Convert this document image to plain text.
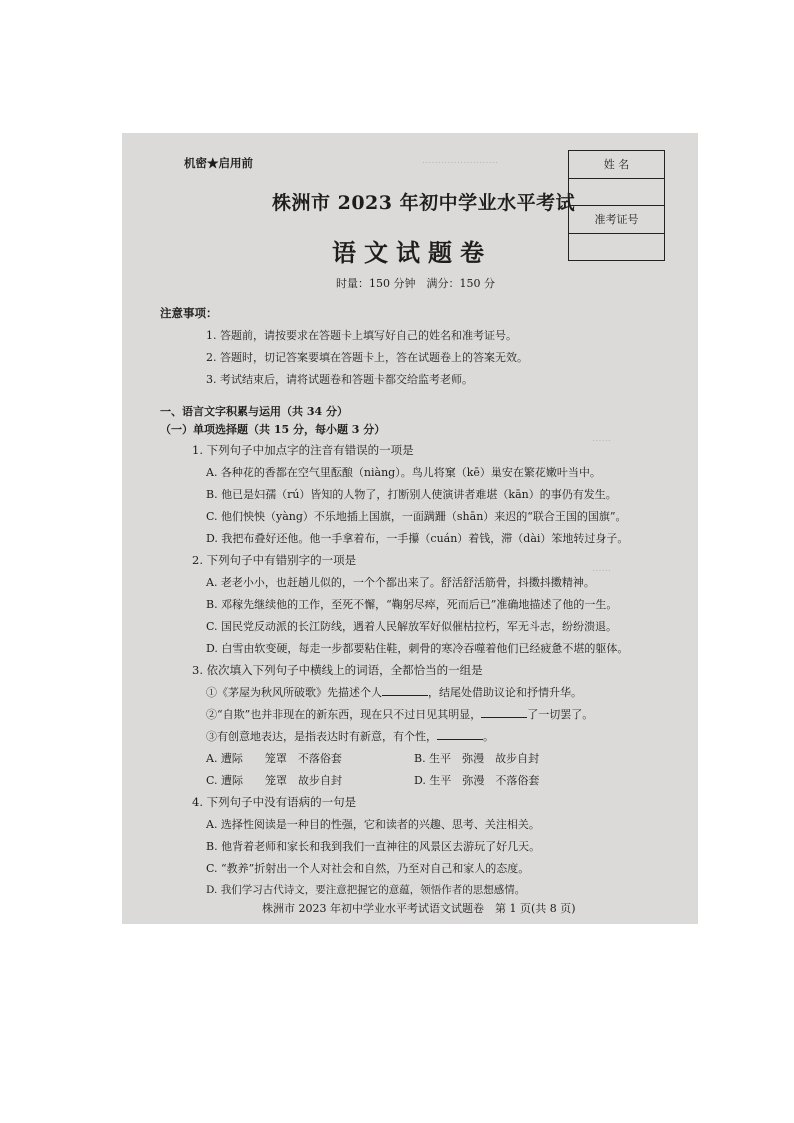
……………………
……
……
机密★启用前	姓 名
准考证号
株洲市 2023 年初中学业水平考试
语文试题卷
时量：150 分钟　满分：150 分
注意事项：
1. 答题前，请按要求在答题卡上填写好自己的姓名和准考证号。
2. 答题时，切记答案要填在答题卡上，答在试题卷上的答案无效。
3. 考试结束后，请将试题卷和答题卡都交给监考老师。
一、语言文字积累与运用（共 34 分）
（一）单项选择题（共 15 分，每小题 3 分）
1. 下列句子中加点字的注音有错误的一项是
A. 各种花的香都在空气里酝酿（niàng）。鸟儿将窠（kē）巢安在繁花嫩叶当中。
B. 他已是妇孺（rú）皆知的人物了，打断别人使演讲者难堪（kān）的事仍有发生。
C. 他们怏怏（yàng）不乐地插上国旗，一面蹒跚（shān）来迟的“联合王国的国旗”。
D. 我把布叠好还他。他一手拿着布，一手攥（cuán）着钱，滞（dài）笨地转过身子。
2. 下列句子中有错别字的一项是
A. 老老小小，也赶趟儿似的，一个个都出来了。舒活舒活筋骨，抖擞抖擞精神。
B. 邓稼先继续他的工作，至死不懈，“鞠躬尽瘁，死而后已”准确地描述了他的一生。
C. 国民党反动派的长江防线，遇着人民解放军好似催枯拉朽，军无斗志，纷纷溃退。
D. 白雪由软变硬，每走一步都要粘住鞋，刺骨的寒冷吞噬着他们已经疲惫不堪的躯体。
3. 依次填入下列句子中横线上的词语，全都恰当的一组是
①《茅屋为秋风所破歌》先描述个人	，结尾处借助议论和抒情升华。
②“自欺”也并非现在的新东西，现在只不过日见其明显，	了一切罢了。
③有创意地表达，是指表达时有新意，有个性，	。
A. 遭际　　笼罩　不落俗套	B. 生平　弥漫　故步自封
C. 遭际　　笼罩　故步自封	D. 生平　弥漫　不落俗套
4. 下列句子中没有语病的一句是
A. 选择性阅读是一种目的性强，它和读者的兴趣、思考、关注相关。
B. 他背着老师和家长和我到我们一直神往的风景区去游玩了好几天。
C. “教养”折射出一个人对社会和自然，乃至对自己和家人的态度。
D. 我们学习古代诗文，要注意把握它的意蕴，领悟作者的思想感情。
株洲市 2023 年初中学业水平考试语文试题卷　第 1 页(共 8 页)
